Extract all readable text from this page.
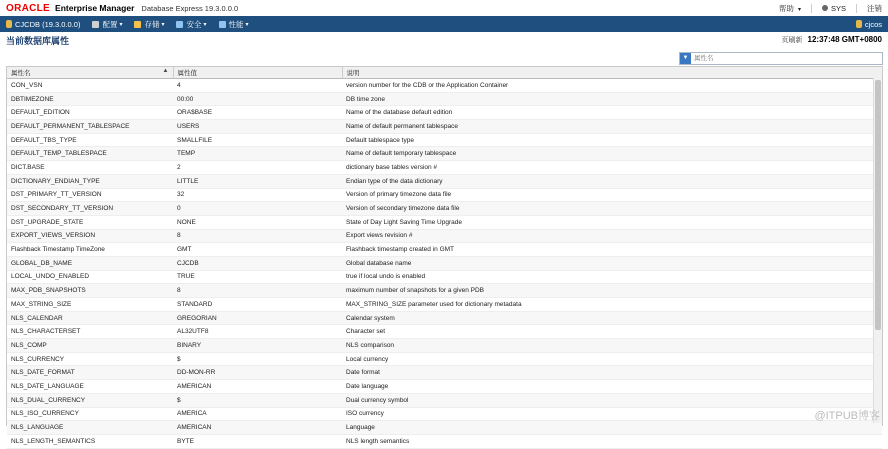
ORACLE Enterprise Manager Database Express 19.3.0.0.0	帮助 ▾	SYS	注销
CJCDB (19.3.0.0.0)	配置 ▾	存储 ▾	安全 ▾	性能 ▾	cjcos
当前数据库属性	页刷新 12:37:48 GMT+0800
▼
属性名
属性名 ▲	属性值	说明
CON_VSN	4	version number for the CDB or the Application Container
DBTIMEZONE	00:00	DB time zone
DEFAULT_EDITION	ORA$BASE	Name of the database default edition
DEFAULT_PERMANENT_TABLESPACE	USERS	Name of default permanent tablespace
DEFAULT_TBS_TYPE	SMALLFILE	Default tablespace type
DEFAULT_TEMP_TABLESPACE	TEMP	Name of default temporary tablespace
DICT.BASE	2	dictionary base tables version #
DICTIONARY_ENDIAN_TYPE	LITTLE	Endian type of the data dictionary
DST_PRIMARY_TT_VERSION	32	Version of primary timezone data file
DST_SECONDARY_TT_VERSION	0	Version of secondary timezone data file
DST_UPGRADE_STATE	NONE	State of Day Light Saving Time Upgrade
EXPORT_VIEWS_VERSION	8	Export views revision #
Flashback Timestamp TimeZone	GMT	Flashback timestamp created in GMT
GLOBAL_DB_NAME	CJCDB	Global database name
LOCAL_UNDO_ENABLED	TRUE	true if local undo is enabled
MAX_PDB_SNAPSHOTS	8	maximum number of snapshots for a given PDB
MAX_STRING_SIZE	STANDARD	MAX_STRING_SIZE parameter used for dictionary metadata
NLS_CALENDAR	GREGORIAN	Calendar system
NLS_CHARACTERSET	AL32UTF8	Character set
NLS_COMP	BINARY	NLS comparison
NLS_CURRENCY	$	Local currency
NLS_DATE_FORMAT	DD-MON-RR	Date format
NLS_DATE_LANGUAGE	AMERICAN	Date language
NLS_DUAL_CURRENCY	$	Dual currency symbol
NLS_ISO_CURRENCY	AMERICA	ISO currency
NLS_LANGUAGE	AMERICAN	Language
NLS_LENGTH_SEMANTICS	BYTE	NLS length semantics
@ITPUB博客
